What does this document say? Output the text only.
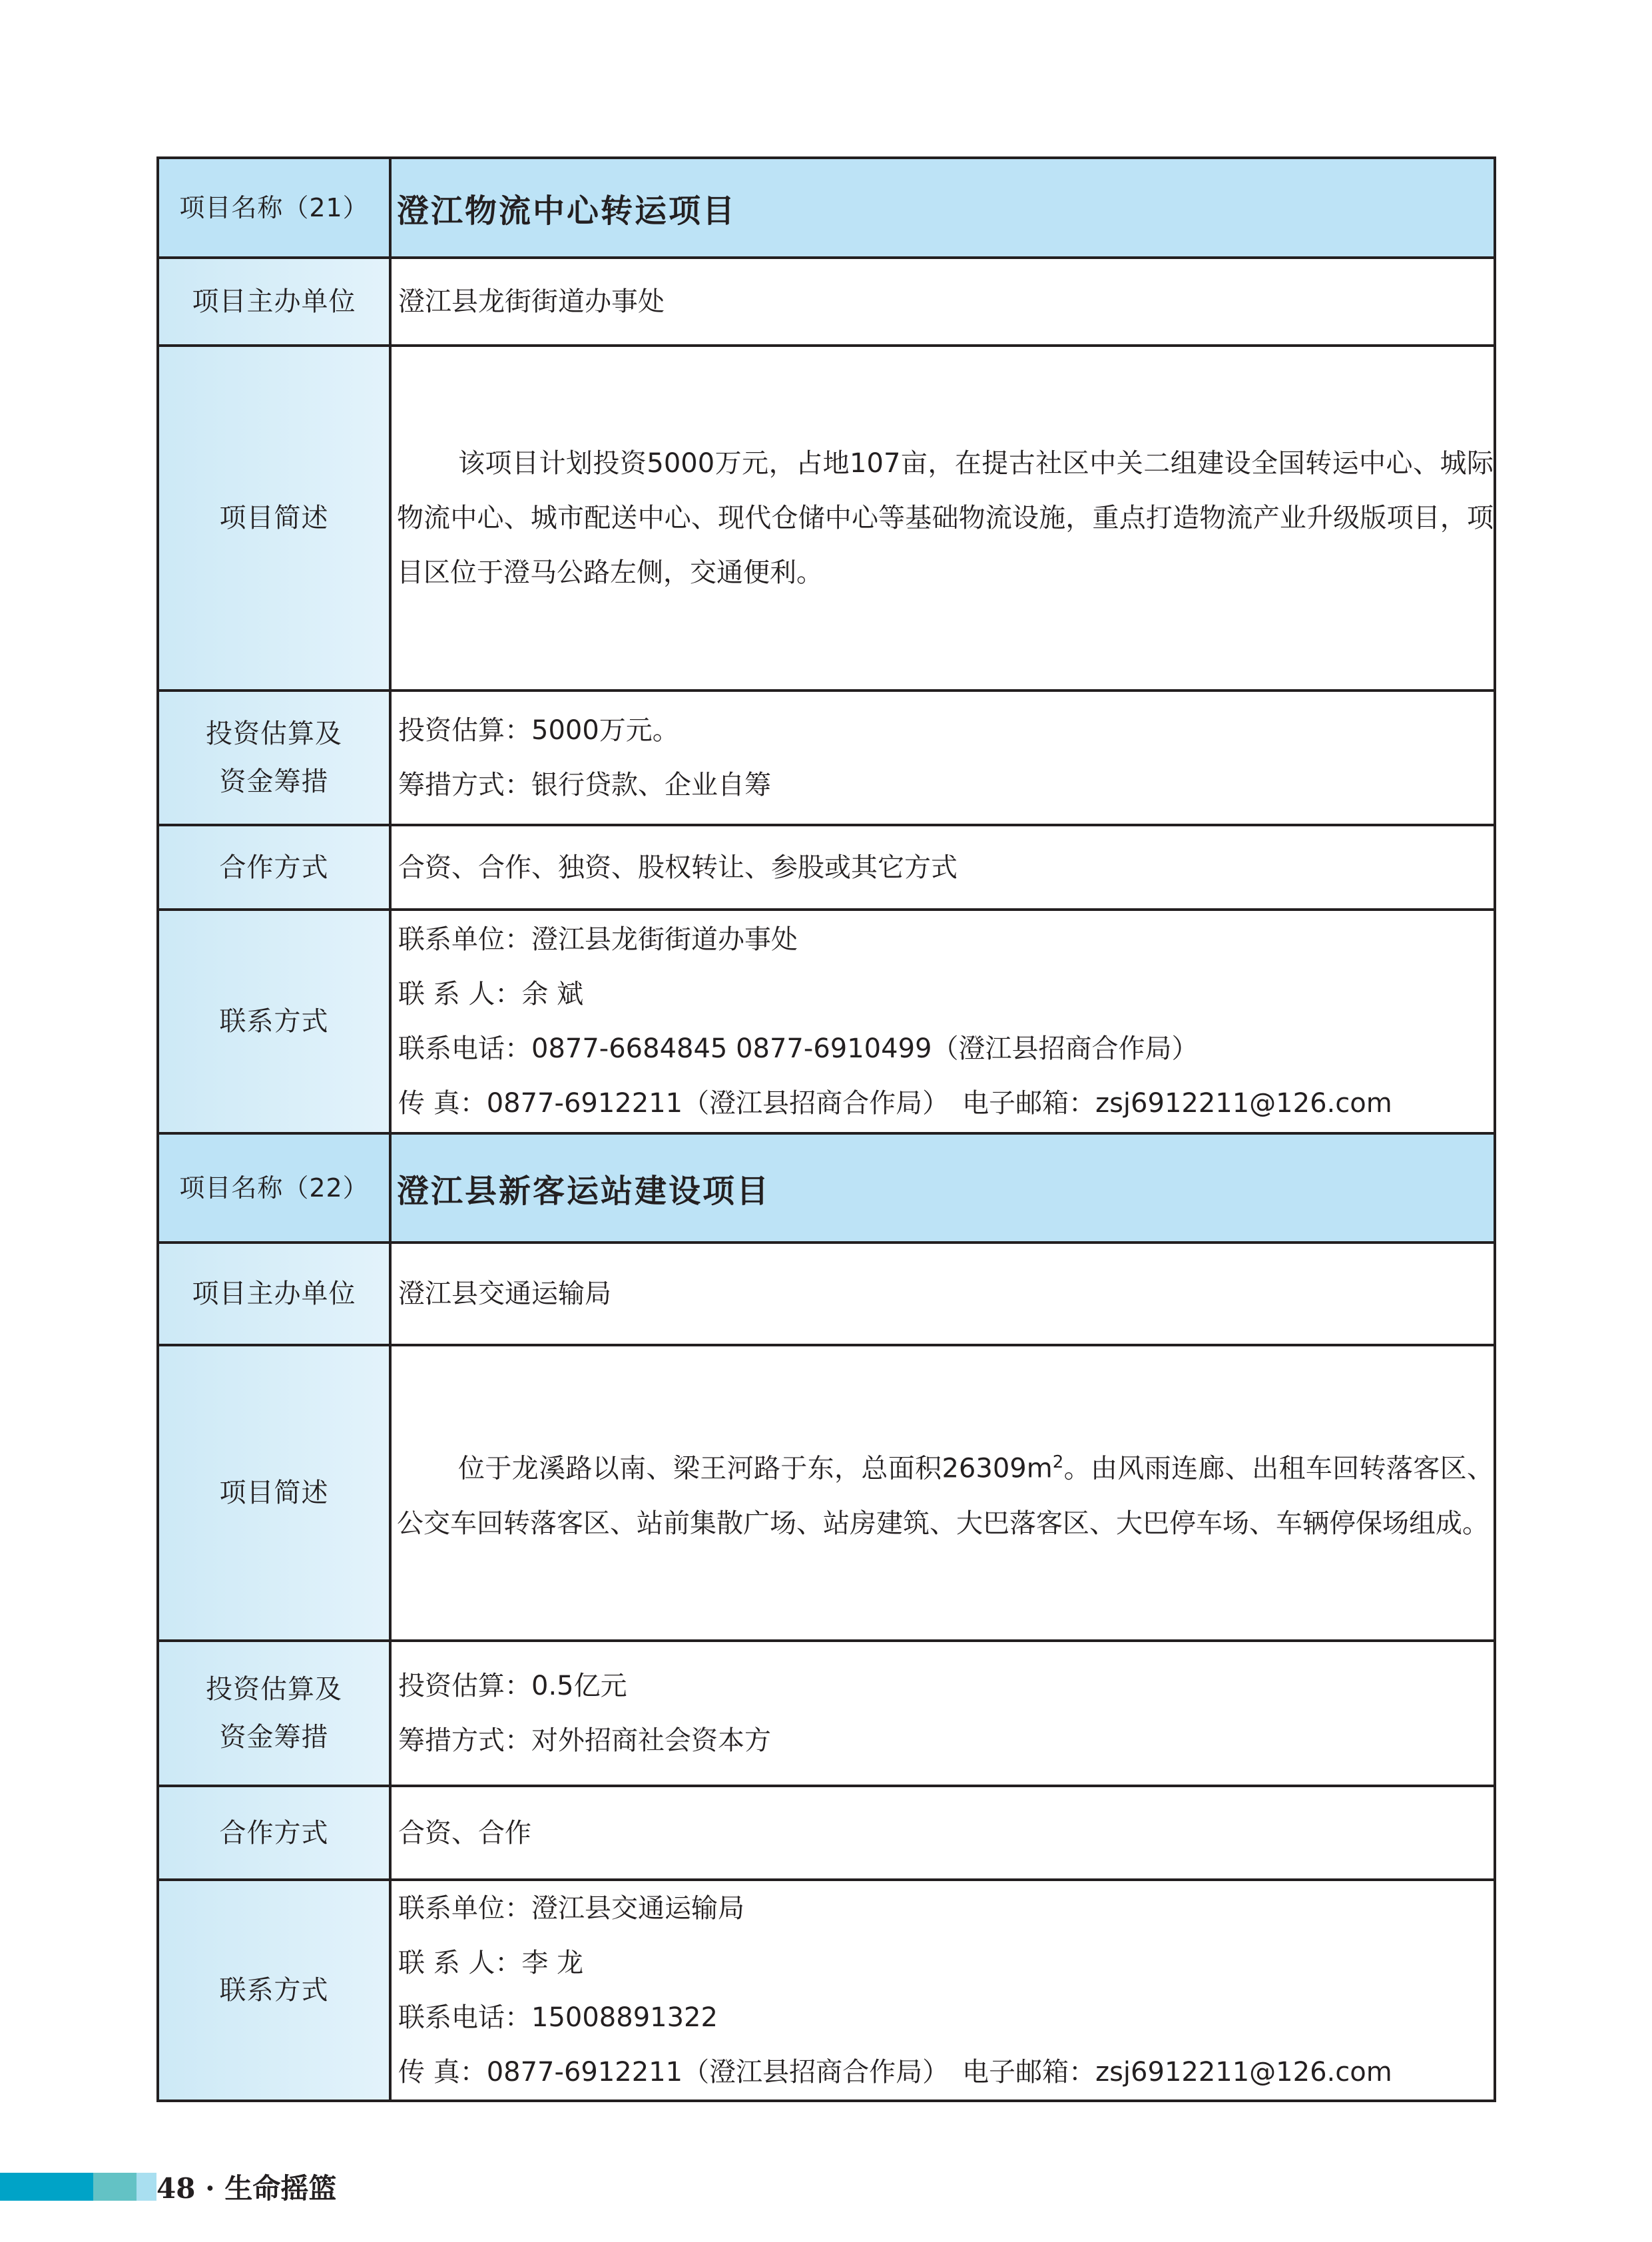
项目名称（21）	澄江物流中心转运项目
项目主办单位	澄江县龙街街道办事处
项目简述	该项目计划投资5000万元，占地107亩，在提古社区中关二组建设全国转运中心、城际物流中心、城市配送中心、现代仓储中心等基础物流设施，重点打造物流产业升级版项目，项目区位于澄马公路左侧，交通便利。

投资估算及
资金筹措	投资估算：5000万元。
筹措方式：银行贷款、企业自筹

合作方式	合资、合作、独资、股权转让、参股或其它方式
联系方式	联系单位：澄江县龙街街道办事处
联 系 人：余 斌
联系电话：0877-6684845 0877-6910499（澄江县招商合作局）
传 真：0877-6912211（澄江县招商合作局） 电子邮箱：zsj6912211@126.com
项目名称（22）	澄江县新客运站建设项目
项目主办单位	澄江县交通运输局
项目简述	位于龙溪路以南、梁王河路于东，总面积$26309m^2$。由风雨连廊、出租车回转落客区、公交车回转落客区、站前集散广场、站房建筑、大巴落客区、大巴停车场、车辆停保场组成。

投资估算及
资金筹措	投资估算：0.5亿元
筹措方式：对外招商社会资本方

合作方式	合资、合作
联系方式	联系单位：澄江县交通运输局
联 系 人：李 龙
联系电话：15008891322
传 真：0877-6912211（澄江县招商合作局） 电子邮箱：zsj6912211@126.com
48 · 生命摇篮
